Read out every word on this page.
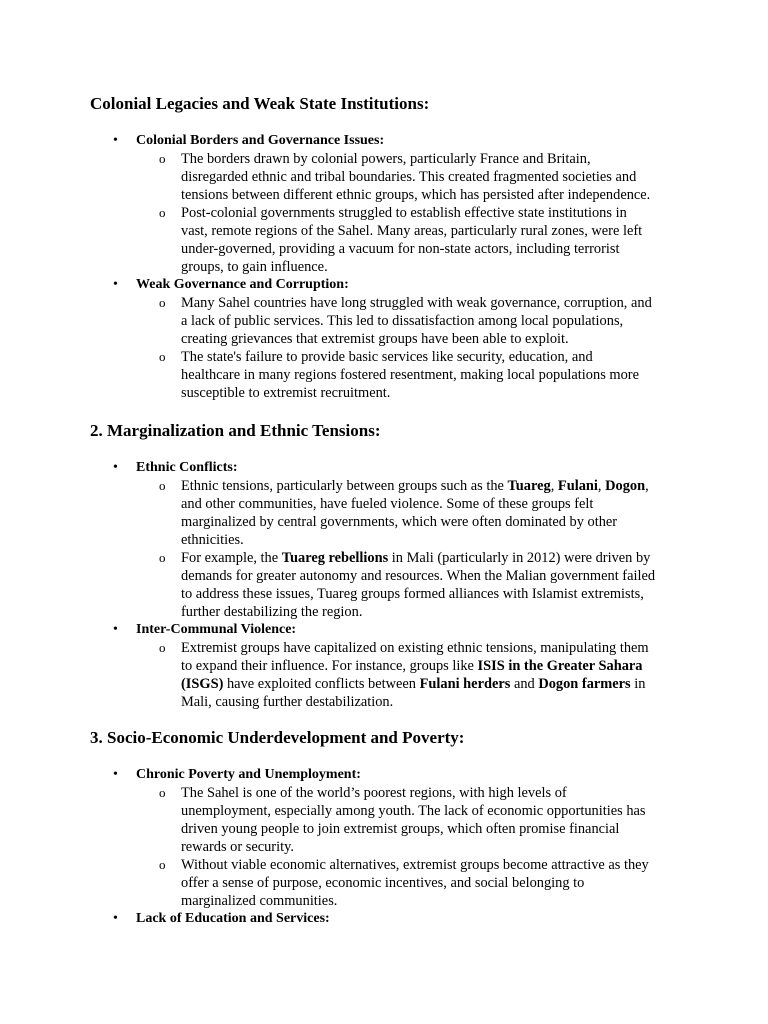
Colonial Legacies and Weak State Institutions:
• Colonial Borders and Governance Issues:
o The borders drawn by colonial powers, particularly France and Britain,
disregarded ethnic and tribal boundaries. This created fragmented societies and
tensions between different ethnic groups, which has persisted after independence.
o Post-colonial governments struggled to establish effective state institutions in
vast, remote regions of the Sahel. Many areas, particularly rural zones, were left
under-governed, providing a vacuum for non-state actors, including terrorist
groups, to gain influence.
• Weak Governance and Corruption:
o Many Sahel countries have long struggled with weak governance, corruption, and
a lack of public services. This led to dissatisfaction among local populations,
creating grievances that extremist groups have been able to exploit.
o The state's failure to provide basic services like security, education, and
healthcare in many regions fostered resentment, making local populations more
susceptible to extremist recruitment.
2. Marginalization and Ethnic Tensions:
• Ethnic Conflicts:
o Ethnic tensions, particularly between groups such as the Tuareg, Fulani, Dogon,
and other communities, have fueled violence. Some of these groups felt
marginalized by central governments, which were often dominated by other
ethnicities.
o For example, the Tuareg rebellions in Mali (particularly in 2012) were driven by
demands for greater autonomy and resources. When the Malian government failed
to address these issues, Tuareg groups formed alliances with Islamist extremists,
further destabilizing the region.
• Inter-Communal Violence:
o Extremist groups have capitalized on existing ethnic tensions, manipulating them
to expand their influence. For instance, groups like ISIS in the Greater Sahara
(ISGS) have exploited conflicts between Fulani herders and Dogon farmers in
Mali, causing further destabilization.
3. Socio-Economic Underdevelopment and Poverty:
• Chronic Poverty and Unemployment:
o The Sahel is one of the world’s poorest regions, with high levels of
unemployment, especially among youth. The lack of economic opportunities has
driven young people to join extremist groups, which often promise financial
rewards or security.
o Without viable economic alternatives, extremist groups become attractive as they
offer a sense of purpose, economic incentives, and social belonging to
marginalized communities.
• Lack of Education and Services:
